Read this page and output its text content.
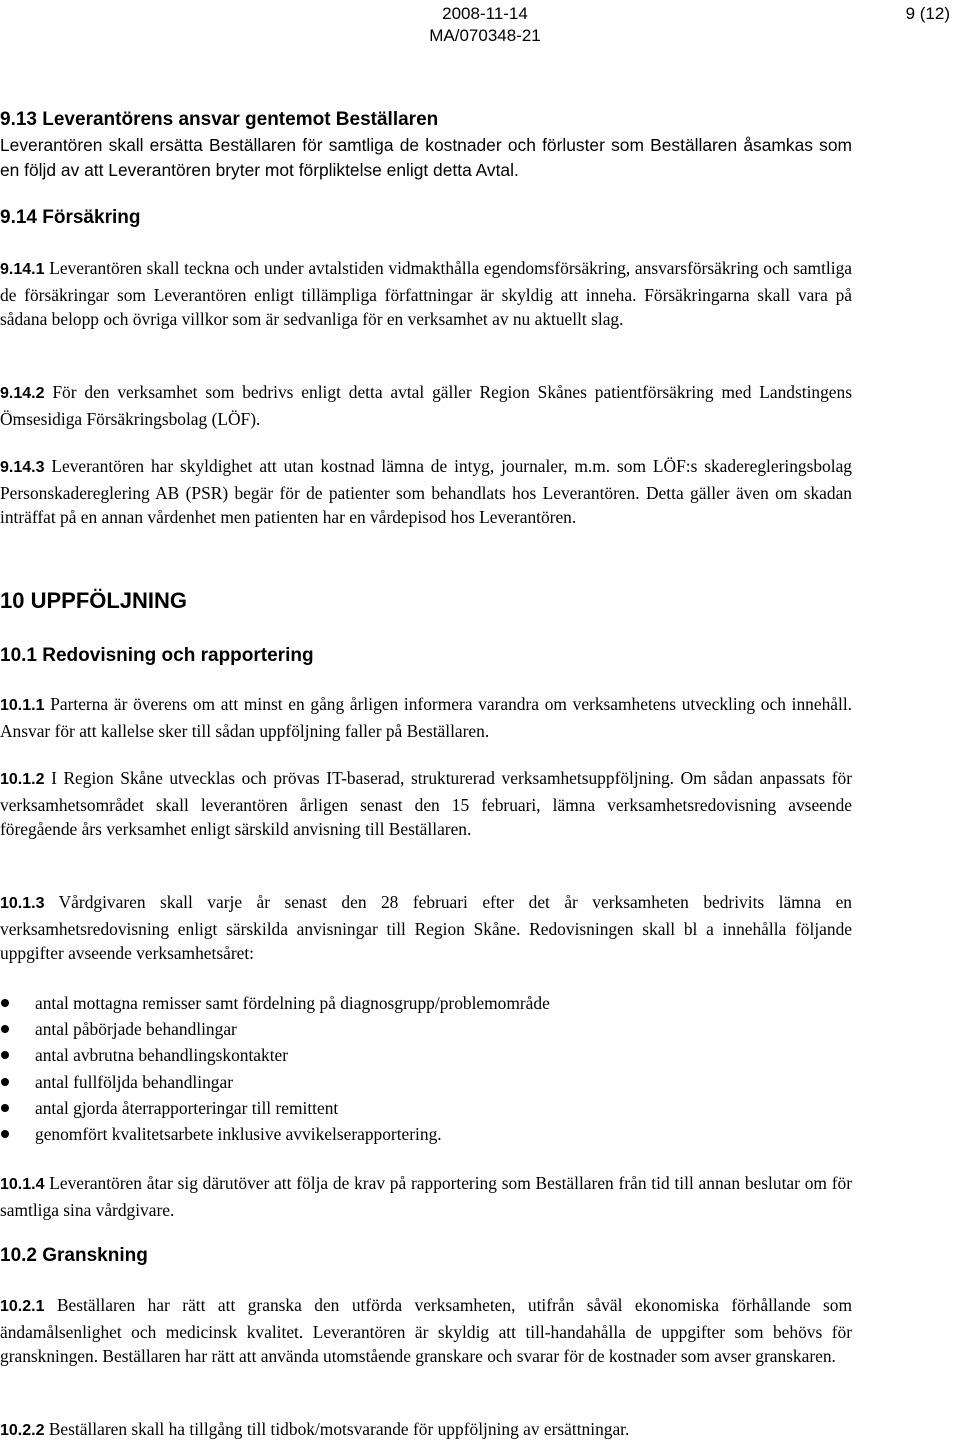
2008-11-14
MA/070348-21
9 (12)
9.13 Leverantörens ansvar gentemot Beställaren
Leverantören skall ersätta Beställaren för samtliga de kostnader och förluster som Beställaren åsamkas som en följd av att Leverantören bryter mot förpliktelse enligt detta Avtal.
9.14 Försäkring
9.14.1 Leverantören skall teckna och under avtalstiden vidmakthålla egendomsförsäkring, ansvarsförsäkring och samtliga de försäkringar som Leverantören enligt tillämpliga författningar är skyldig att inneha. Försäkringarna skall vara på sådana belopp och övriga villkor som är sedvanliga för en verksamhet av nu aktuellt slag.
9.14.2 För den verksamhet som bedrivs enligt detta avtal gäller Region Skånes patientförsäkring med Landstingens Ömsesidiga Försäkringsbolag (LÖF).
9.14.3 Leverantören har skyldighet att utan kostnad lämna de intyg, journaler, m.m. som LÖF:s skaderegleringsbolag Personskadereglering AB (PSR) begär för de patienter som behandlats hos Leverantören. Detta gäller även om skadan inträffat på en annan vårdenhet men patienten har en vårdepisod hos Leverantören.
10 UPPFÖLJNING
10.1 Redovisning och rapportering
10.1.1 Parterna är överens om att minst en gång årligen informera varandra om verksamhetens utveckling och innehåll. Ansvar för att kallelse sker till sådan uppföljning faller på Beställaren.
10.1.2 I Region Skåne utvecklas och prövas IT-baserad, strukturerad verksamhetsuppföljning. Om sådan anpassats för verksamhetsområdet skall leverantören årligen senast den 15 februari, lämna verksamhetsredovisning avseende föregående års verksamhet enligt särskild anvisning till Beställaren.
10.1.3 Vårdgivaren skall varje år senast den 28 februari efter det år verksamheten bedrivits lämna en verksamhetsredovisning enligt särskilda anvisningar till Region Skåne. Redovisningen skall bl a innehålla följande uppgifter avseende verksamhetsåret:
antal mottagna remisser samt fördelning på diagnosgrupp/problemområde
antal påbörjade behandlingar
antal avbrutna behandlingskontakter
antal fullföljda behandlingar
antal gjorda återrapporteringar till remittent
genomfört kvalitetsarbete inklusive avvikelserapportering.
10.1.4 Leverantören åtar sig därutöver att följa de krav på rapportering som Beställaren från tid till annan beslutar om för samtliga sina vårdgivare.
10.2 Granskning
10.2.1 Beställaren har rätt att granska den utförda verksamheten, utifrån såväl ekonomiska förhållande som ändamålsenlighet och medicinsk kvalitet. Leverantören är skyldig att till-handahålla de uppgifter som behövs för granskningen. Beställaren har rätt att använda utomstående granskare och svarar för de kostnader som avser granskaren.
10.2.2 Beställaren skall ha tillgång till tidbok/motsvarande för uppföljning av ersättningar.
